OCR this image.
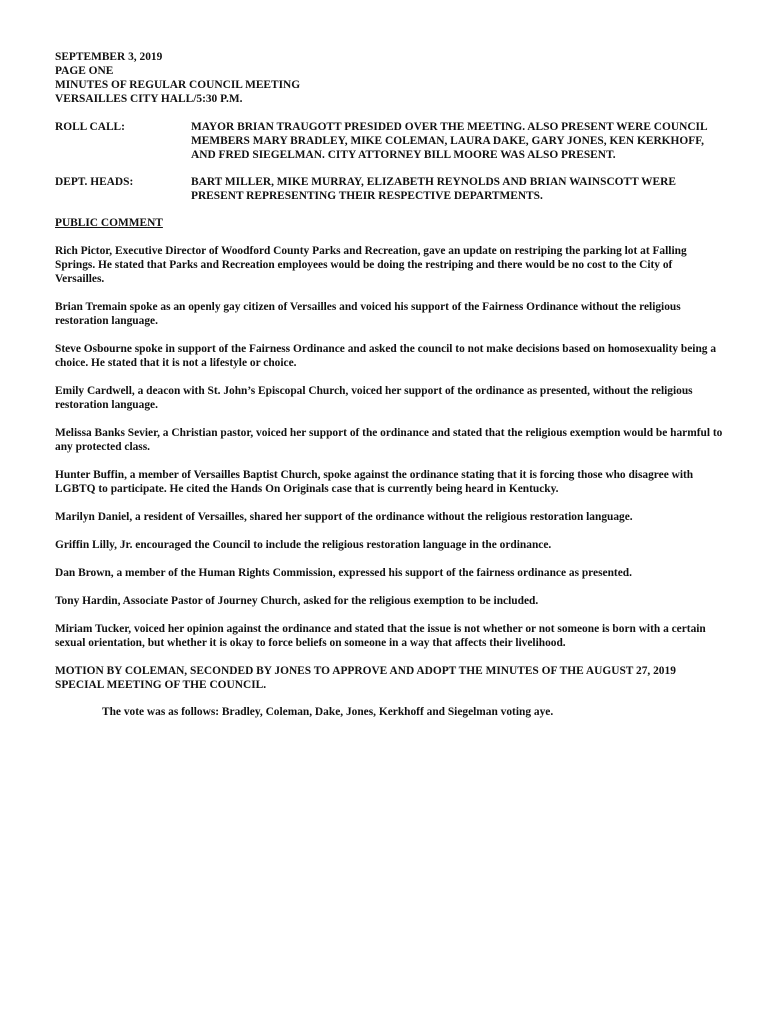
SEPTEMBER 3, 2019
PAGE ONE
MINUTES OF REGULAR COUNCIL MEETING
VERSAILLES CITY HALL/5:30 P.M.
ROLL CALL:	MAYOR BRIAN TRAUGOTT PRESIDED OVER THE MEETING. ALSO PRESENT WERE COUNCIL MEMBERS MARY BRADLEY, MIKE COLEMAN, LAURA DAKE, GARY JONES, KEN KERKHOFF, AND FRED SIEGELMAN. CITY ATTORNEY BILL MOORE WAS ALSO PRESENT.
DEPT. HEADS:	BART MILLER, MIKE MURRAY, ELIZABETH REYNOLDS AND BRIAN WAINSCOTT WERE PRESENT REPRESENTING THEIR RESPECTIVE DEPARTMENTS.
PUBLIC COMMENT

Rich Pictor, Executive Director of Woodford County Parks and Recreation, gave an update on restriping the parking lot at Falling Springs. He stated that Parks and Recreation employees would be doing the restriping and there would be no cost to the City of Versailles.

Brian Tremain spoke as an openly gay citizen of Versailles and voiced his support of the Fairness Ordinance without the religious restoration language.

Steve Osbourne spoke in support of the Fairness Ordinance and asked the council to not make decisions based on homosexuality being a choice. He stated that it is not a lifestyle or choice.

Emily Cardwell, a deacon with St. John’s Episcopal Church, voiced her support of the ordinance as presented, without the religious restoration language.

Melissa Banks Sevier, a Christian pastor, voiced her support of the ordinance and stated that the religious exemption would be harmful to any protected class.

Hunter Buffin, a member of Versailles Baptist Church, spoke against the ordinance stating that it is forcing those who disagree with LGBTQ to participate. He cited the Hands On Originals case that is currently being heard in Kentucky.

Marilyn Daniel, a resident of Versailles, shared her support of the ordinance without the religious restoration language.

Griffin Lilly, Jr. encouraged the Council to include the religious restoration language in the ordinance.

Dan Brown, a member of the Human Rights Commission, expressed his support of the fairness ordinance as presented.

Tony Hardin, Associate Pastor of Journey Church, asked for the religious exemption to be included.

Miriam Tucker, voiced her opinion against the ordinance and stated that the issue is not whether or not someone is born with a certain sexual orientation, but whether it is okay to force beliefs on someone in a way that affects their livelihood.

MOTION BY COLEMAN, SECONDED BY JONES TO APPROVE AND ADOPT THE MINUTES OF THE AUGUST 27, 2019 SPECIAL MEETING OF THE COUNCIL.

The vote was as follows: Bradley, Coleman, Dake, Jones, Kerkhoff and Siegelman voting aye.
